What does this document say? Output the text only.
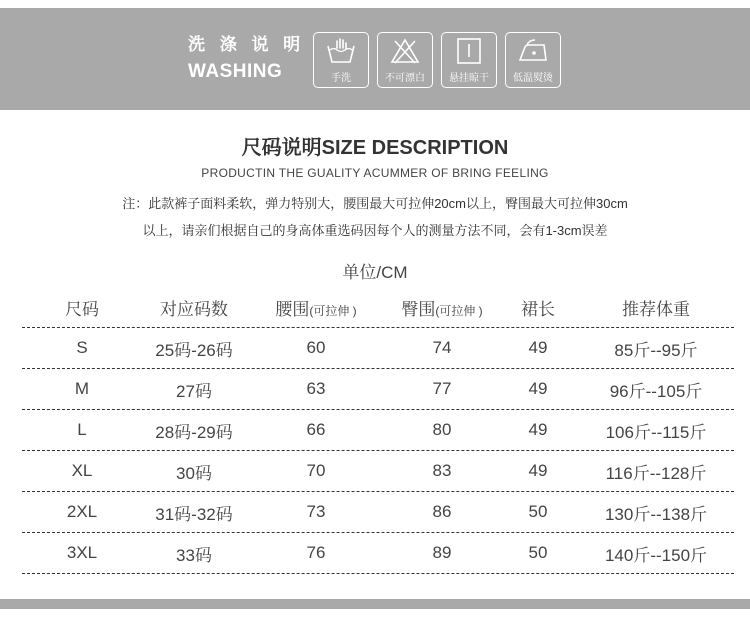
洗 涤 说 明
WASHING	手洗	不可漂白 悬挂晾干 低温熨烫
尺码说明SIZE DESCRIPTION
PRODUCTIN THE GUALITY ACUMMER OF BRING FEELING
注：此款裤子面料柔软，弹力特别大，腰围最大可拉伸20cm以上，臀围最大可拉伸30cm
以上，请亲们根据自己的身高体重选码因每个人的测量方法不同，会有1-3cm误差
单位/CM
尺码	对应码数	腰围(可拉伸 )	臀围(可拉伸 )	裙长	推荐体重
S	25码-26码	60	74	49	85斤--95斤
M	27码	63	77	49	96斤--105斤
L	28码-29码	66	80	49	106斤--115斤
XL	30码	70	83	49	116斤--128斤
2XL	31码-32码	73	86	50	130斤--138斤
3XL	33码	76	89	50	140斤--150斤
